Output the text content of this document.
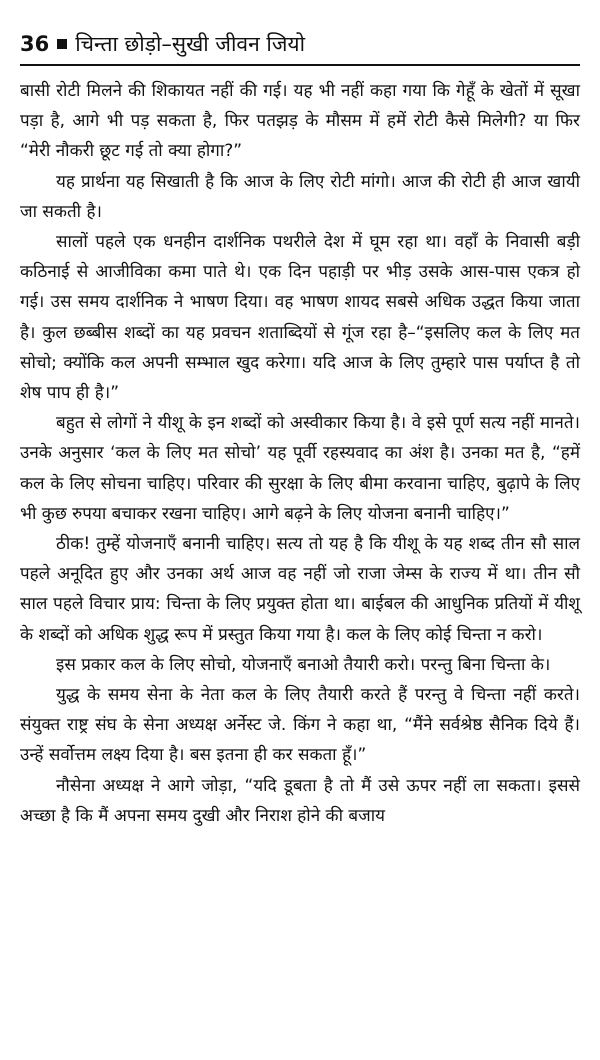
36 चिन्ता छोड़ो–सुखी जीवन जियो

बासी रोटी मिलने की शिकायत नहीं की गई। यह भी नहीं कहा गया कि गेहूँ के खेतों में सूखा पड़ा है, आगे भी पड़ सकता है, फिर पतझड़ के मौसम में हमें रोटी कैसे मिलेगी? या फिर “मेरी नौकरी छूट गई तो क्या होगा?”

यह प्रार्थना यह सिखाती है कि आज के लिए रोटी मांगो। आज की रोटी ही आज खायी जा सकती है।

सालों पहले एक धनहीन दार्शनिक पथरीले देश में घूम रहा था। वहाँ के निवासी बड़ी कठिनाई से आजीविका कमा पाते थे। एक दिन पहाड़ी पर भीड़ उसके आस-पास एकत्र हो गई। उस समय दार्शनिक ने भाषण दिया। वह भाषण शायद सबसे अधिक उद्धत किया जाता है। कुल छब्बीस शब्दों का यह प्रवचन शताब्दियों से गूंज रहा है–“इसलिए कल के लिए मत सोचो; क्योंकि कल अपनी सम्भाल खुद करेगा। यदि आज के लिए तुम्हारे पास पर्याप्त है तो शेष पाप ही है।”

बहुत से लोगों ने यीशू के इन शब्दों को अस्वीकार किया है। वे इसे पूर्ण सत्य नहीं मानते। उनके अनुसार ‘कल के लिए मत सोचो’ यह पूर्वी रहस्यवाद का अंश है। उनका मत है, “हमें कल के लिए सोचना चाहिए। परिवार की सुरक्षा के लिए बीमा करवाना चाहिए, बुढ़ापे के लिए भी कुछ रुपया बचाकर रखना चाहिए। आगे बढ़ने के लिए योजना बनानी चाहिए।”

ठीक! तुम्हें योजनाएँ बनानी चाहिए। सत्य तो यह है कि यीशू के यह शब्द तीन सौ साल पहले अनूदित हुए और उनका अर्थ आज वह नहीं जो राजा जेम्स के राज्य में था। तीन सौ साल पहले विचार प्राय: चिन्ता के लिए प्रयुक्त होता था। बाईबल की आधुनिक प्रतियों में यीशू के शब्दों को अधिक शुद्ध रूप में प्रस्तुत किया गया है। कल के लिए कोई चिन्ता न करो।

इस प्रकार कल के लिए सोचो, योजनाएँ बनाओ तैयारी करो। परन्तु बिना चिन्ता के।

युद्ध के समय सेना के नेता कल के लिए तैयारी करते हैं परन्तु वे चिन्ता नहीं करते। संयुक्त राष्ट्र संघ के सेना अध्यक्ष अर्नेस्ट जे. किंग ने कहा था, “मैंने सर्वश्रेष्ठ सैनिक दिये हैं। उन्हें सर्वोत्तम लक्ष्य दिया है। बस इतना ही कर सकता हूँ।”

नौसेना अध्यक्ष ने आगे जोड़ा, “यदि डूबता है तो मैं उसे ऊपर नहीं ला सकता। इससे अच्छा है कि मैं अपना समय दुखी और निराश होने की बजाय
